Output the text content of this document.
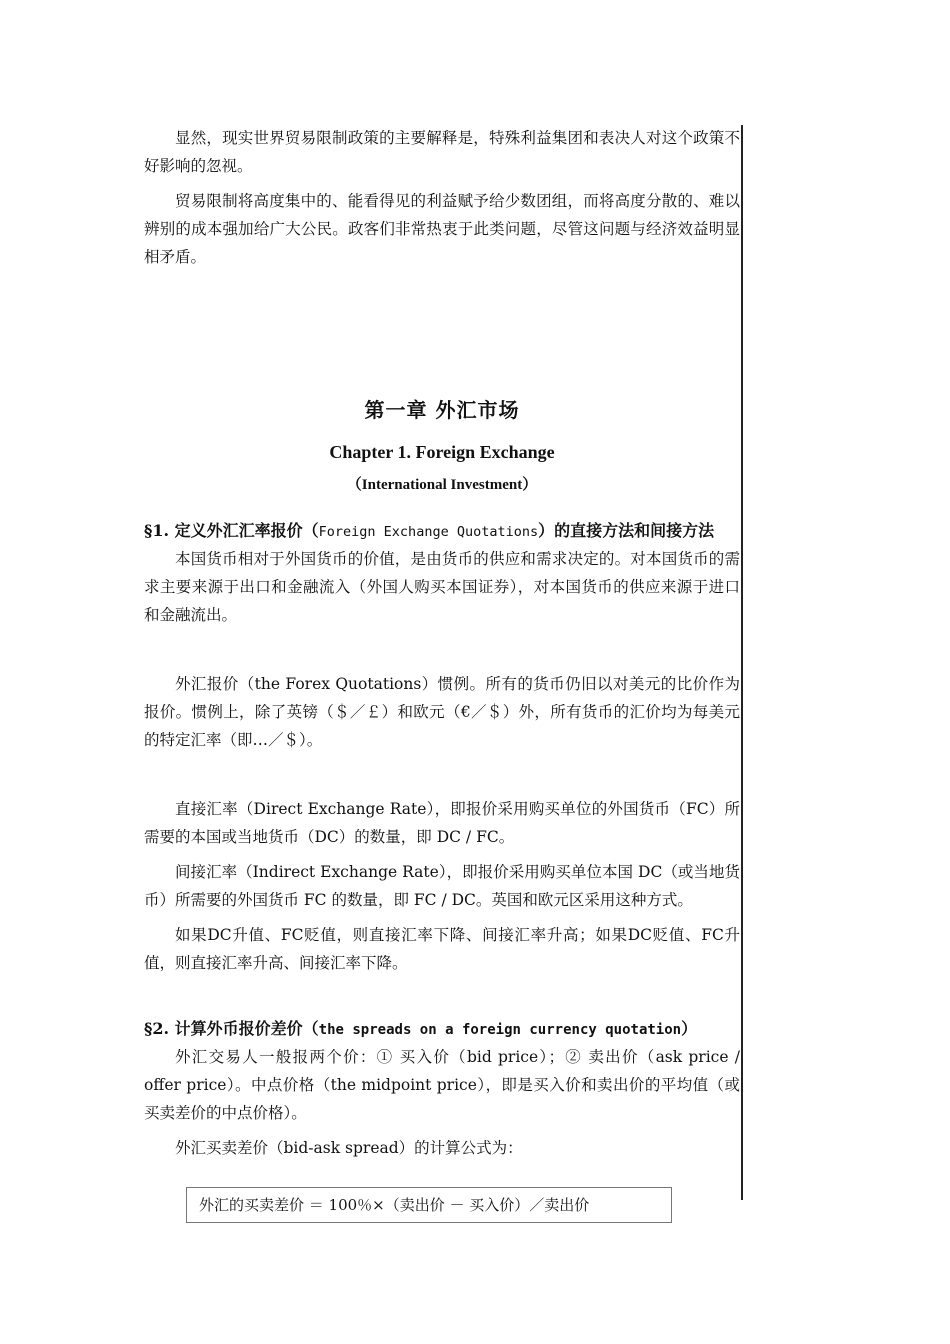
显然，现实世界贸易限制政策的主要解释是，特殊利益集团和表决人对这个政策不好影响的忽视。

贸易限制将高度集中的、能看得见的利益赋予给少数团组，而将高度分散的、难以辨别的成本强加给广大公民。政客们非常热衷于此类问题，尽管这问题与经济效益明显相矛盾。

第一章 外汇市场
Chapter 1. Foreign Exchange
（International Investment）
§1. 定义外汇汇率报价（Foreign Exchange Quotations）的直接方法和间接方法

本国货币相对于外国货币的价值，是由货币的供应和需求决定的。对本国货币的需求主要来源于出口和金融流入（外国人购买本国证券），对本国货币的供应来源于进口和金融流出。

外汇报价（the Forex Quotations）惯例。所有的货币仍旧以对美元的比价作为报价。惯例上，除了英镑（＄／￡）和欧元（€／＄）外，所有货币的汇价均为每美元的特定汇率（即…／＄）。

直接汇率（Direct Exchange Rate），即报价采用购买单位的外国货币（FC）所需要的本国或当地货币（DC）的数量，即 DC / FC。

间接汇率（Indirect Exchange Rate），即报价采用购买单位本国 DC（或当地货币）所需要的外国货币 FC 的数量，即 FC / DC。英国和欧元区采用这种方式。

如果DC升值、FC贬值，则直接汇率下降、间接汇率升高；如果DC贬值、FC升值，则直接汇率升高、间接汇率下降。

§2. 计算外币报价差价（the spreads on a foreign currency quotation）

外汇交易人一般报两个价：① 买入价（bid price）；② 卖出价（ask price / offer price）。中点价格（the midpoint price），即是买入价和卖出价的平均值（或买卖差价的中点价格）。

外汇买卖差价（bid-ask spread）的计算公式为：

外汇的买卖差价 ＝ 100％×（卖出价 － 买入价）／卖出价
